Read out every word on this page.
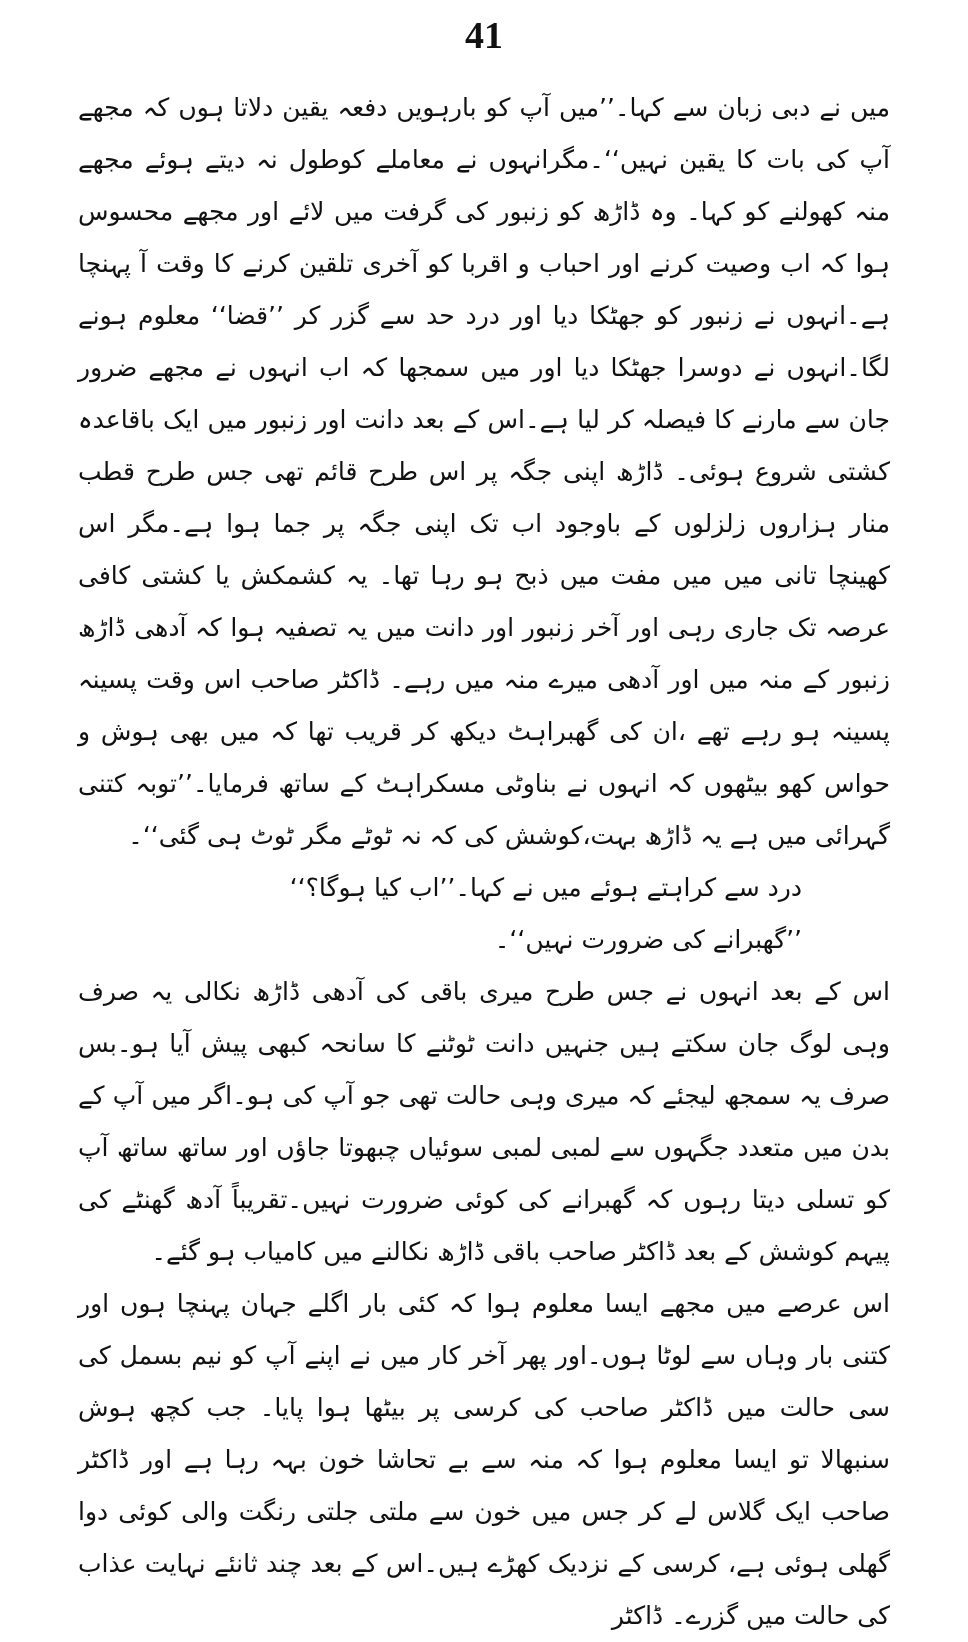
41

میں نے دبی زبان سے کہا۔’’میں آپ کو بارہویں دفعہ یقین دلاتا ہوں کہ مجھے آپ کی بات کا یقین نہیں‘‘۔مگرانہوں نے معاملے کوطول نہ دیتے ہوئے مجھے منہ کھولنے کو کہا۔ وہ ڈاڑھ کو زنبور کی گرفت میں لائے اور مجھے محسوس ہوا کہ اب وصیت کرنے اور احباب و اقربا کو آخری تلقین کرنے کا وقت آ پہنچا ہے۔انہوں نے زنبور کو جھٹکا دیا اور درد حد سے گزر کر ’’قضا‘‘ معلوم ہونے لگا۔انہوں نے دوسرا جھٹکا دیا اور میں سمجھا کہ اب انہوں نے مجھے ضرور جان سے مارنے کا فیصلہ کر لیا ہے۔اس کے بعد دانت اور زنبور میں ایک باقاعدہ کشتی شروع ہوئی۔ ڈاڑھ اپنی جگہ پر اس طرح قائم تھی جس طرح قطب منار ہزاروں زلزلوں کے باوجود اب تک اپنی جگہ پر جما ہوا ہے۔مگر اس کھینچا تانی میں میں مفت میں ذبح ہو رہا تھا۔ یہ کشمکش یا کشتی کافی عرصہ تک جاری رہی اور آخر زنبور اور دانت میں یہ تصفیہ ہوا کہ آدھی ڈاڑھ زنبور کے منہ میں اور آدھی میرے منہ میں رہے۔ ڈاکٹر صاحب اس وقت پسینہ پسینہ ہو رہے تھے ،ان کی گھبراہٹ دیکھ کر قریب تھا کہ میں بھی ہوش و حواس کھو بیٹھوں کہ انہوں نے بناوٹی مسکراہٹ کے ساتھ فرمایا۔’’توبہ کتنی گہرائی میں ہے یہ ڈاڑھ بہت،کوشش کی کہ نہ ٹوٹے مگر ٹوٹ ہی گئی‘‘۔

درد سے کراہتے ہوئے میں نے کہا۔’’اب کیا ہوگا؟‘‘

’’گھبرانے کی ضرورت نہیں‘‘۔

اس کے بعد انہوں نے جس طرح میری باقی کی آدھی ڈاڑھ نکالی یہ صرف وہی لوگ جان سکتے ہیں جنہیں دانت ٹوٹنے کا سانحہ کبھی پیش آیا ہو۔بس صرف یہ سمجھ لیجئے کہ میری وہی حالت تھی جو آپ کی ہو۔اگر میں آپ کے بدن میں متعدد جگہوں سے لمبی لمبی سوئیاں چبھوتا جاؤں اور ساتھ ساتھ آپ کو تسلی دیتا رہوں کہ گھبرانے کی کوئی ضرورت نہیں۔تقریباً آدھ گھنٹے کی پیہم کوشش کے بعد ڈاکٹر صاحب باقی ڈاڑھ نکالنے میں کامیاب ہو گئے۔

اس عرصے میں مجھے ایسا معلوم ہوا کہ کئی بار اگلے جہان پہنچا ہوں اور کتنی بار وہاں سے لوٹا ہوں۔اور پھر آخر کار میں نے اپنے آپ کو نیم بسمل کی سی حالت میں ڈاکٹر صاحب کی کرسی پر بیٹھا ہوا پایا۔ جب کچھ ہوش سنبھالا تو ایسا معلوم ہوا کہ منہ سے بے تحاشا خون بہہ رہا ہے اور ڈاکٹر صاحب ایک گلاس لے کر جس میں خون سے ملتی جلتی رنگت والی کوئی دوا گھلی ہوئی ہے، کرسی کے نزدیک کھڑے ہیں۔اس کے بعد چند ثانئے نہایت عذاب کی حالت میں گزرے۔ ڈاکٹر
